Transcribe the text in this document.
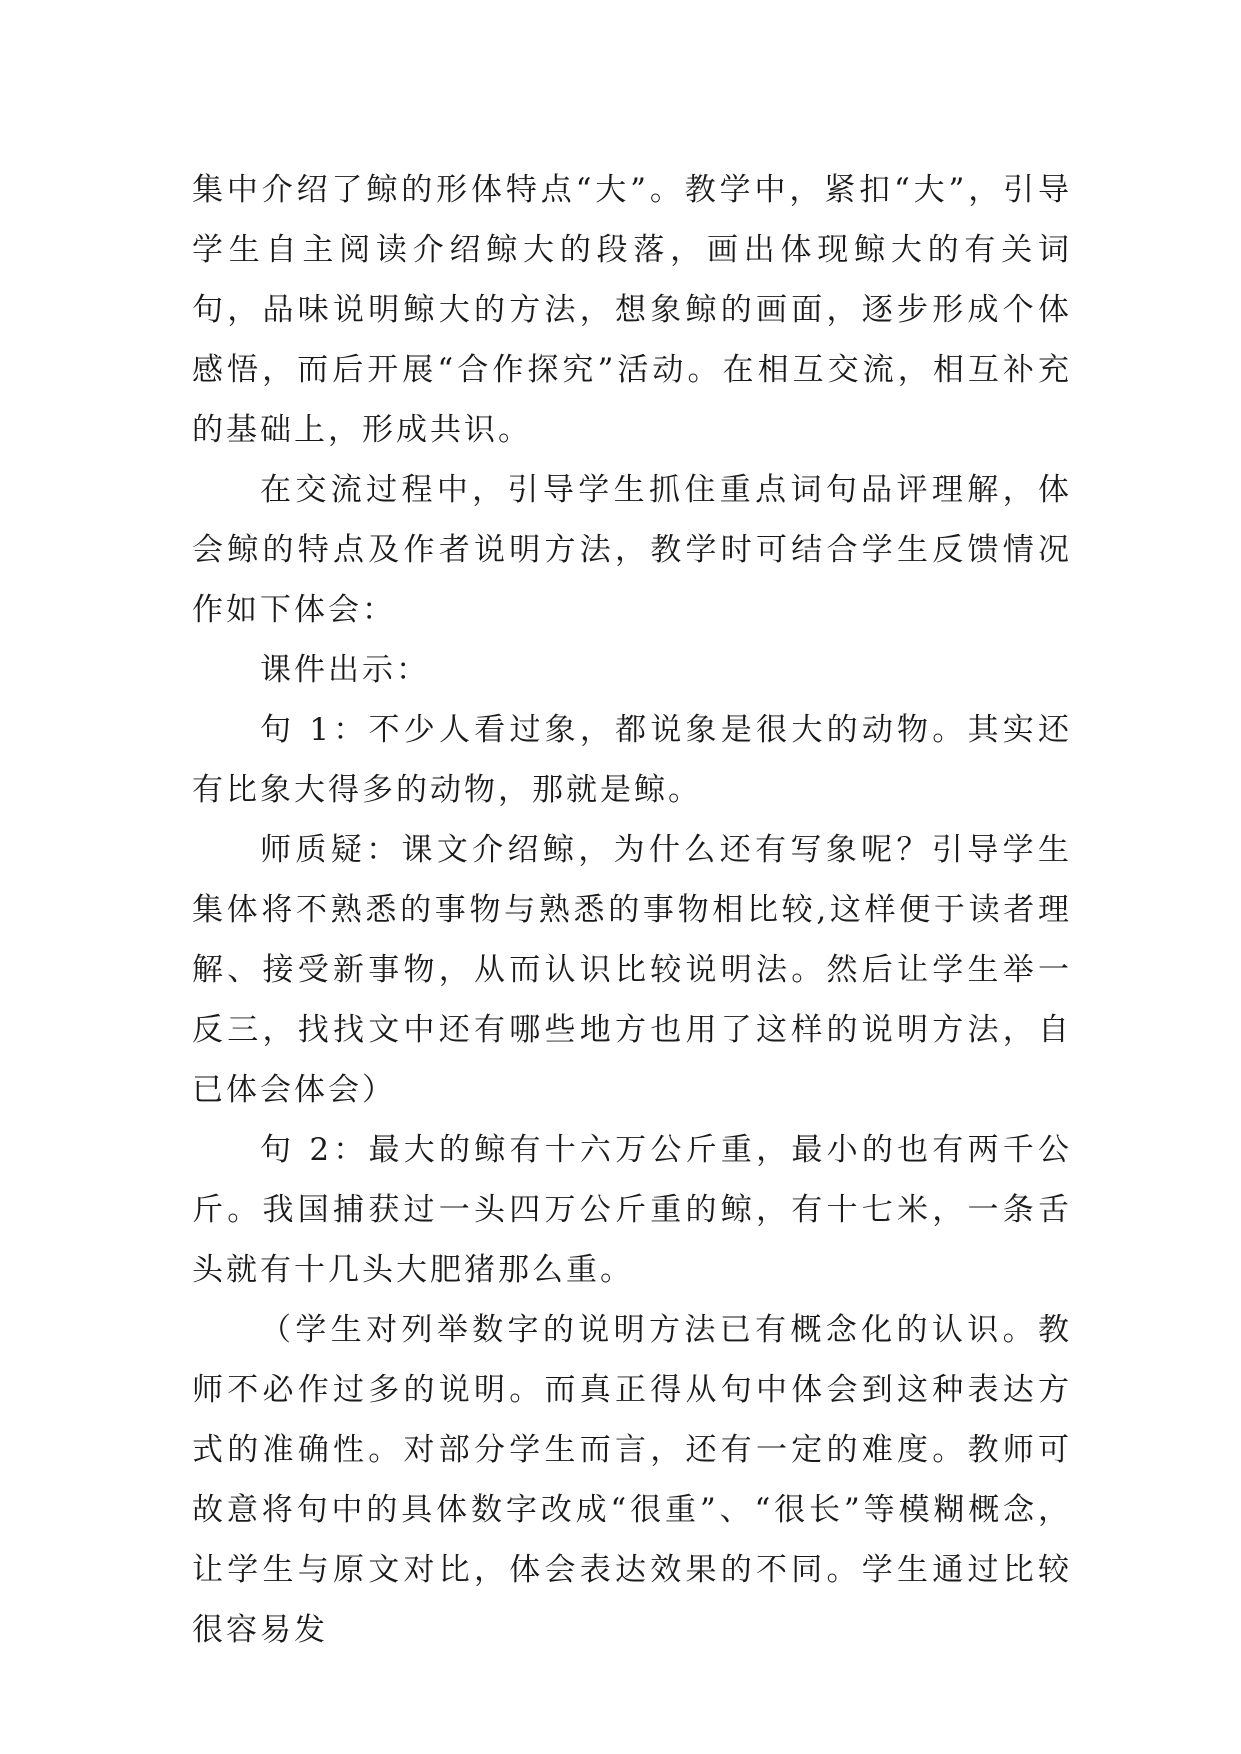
集中介绍了鲸的形体特点“大”。教学中，紧扣“大”，引导学生自主阅读介绍鲸大的段落，画出体现鲸大的有关词句，品味说明鲸大的方法，想象鲸的画面，逐步形成个体感悟，而后开展“合作探究”活动。在相互交流，相互补充的基础上，形成共识。

在交流过程中，引导学生抓住重点词句品评理解，体会鲸的特点及作者说明方法，教学时可结合学生反馈情况作如下体会：

课件出示：

句 1：不少人看过象，都说象是很大的动物。其实还有比象大得多的动物，那就是鲸。

师质疑：课文介绍鲸，为什么还有写象呢？引导学生集体将不熟悉的事物与熟悉的事物相比较,这样便于读者理解、接受新事物，从而认识比较说明法。然后让学生举一反三，找找文中还有哪些地方也用了这样的说明方法，自已体会体会）

句 2：最大的鲸有十六万公斤重，最小的也有两千公斤。我国捕获过一头四万公斤重的鲸，有十七米，一条舌头就有十几头大肥猪那么重。

（学生对列举数字的说明方法已有概念化的认识。教师不必作过多的说明。而真正得从句中体会到这种表达方式的准确性。对部分学生而言，还有一定的难度。教师可故意将句中的具体数字改成“很重”、“很长”等模糊概念，让学生与原文对比，体会表达效果的不同。学生通过比较很容易发
